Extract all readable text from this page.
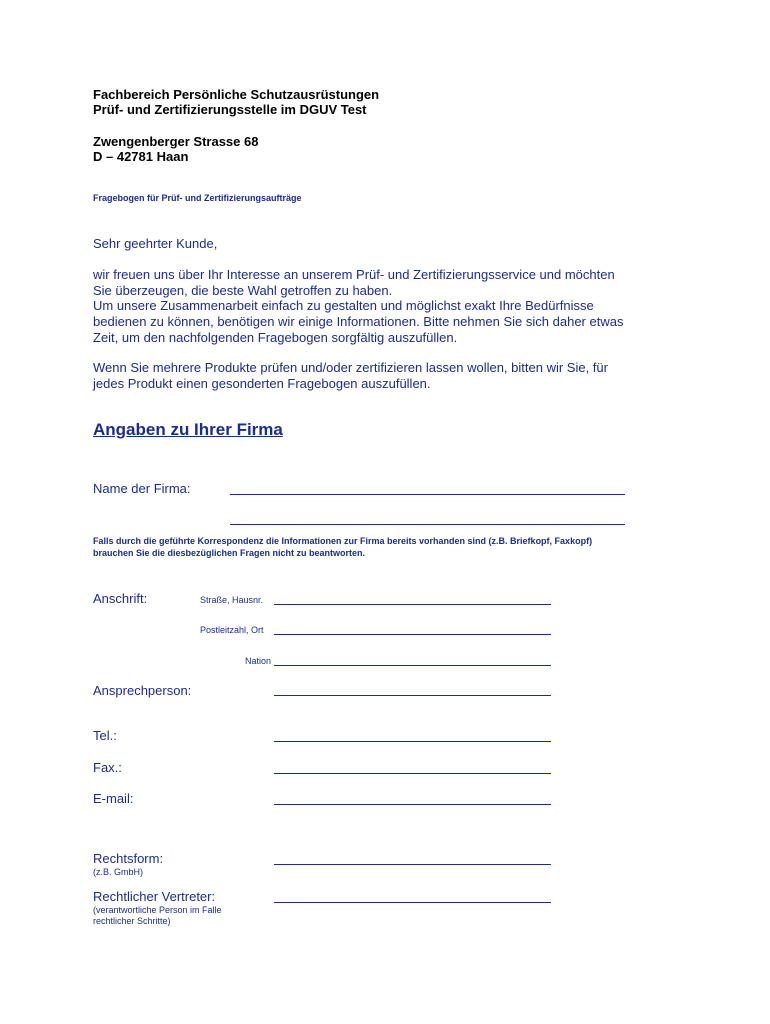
Fachbereich Persönliche Schutzausrüstungen
Prüf- und Zertifizierungsstelle im DGUV Test
Zwengenberger Strasse 68
D – 42781 Haan
Fragebogen für Prüf- und Zertifizierungsaufträge
Sehr geehrter Kunde,
wir freuen uns über Ihr Interesse an unserem Prüf- und Zertifizierungsservice und möchten
Sie überzeugen, die beste Wahl getroffen zu haben.
Um unsere Zusammenarbeit einfach zu gestalten und möglichst exakt Ihre Bedürfnisse
bedienen zu können, benötigen wir einige Informationen. Bitte nehmen Sie sich daher etwas
Zeit, um den nachfolgenden Fragebogen sorgfältig auszufüllen.
Wenn Sie mehrere Produkte prüfen und/oder zertifizieren lassen wollen, bitten wir Sie, für
jedes Produkt einen gesonderten Fragebogen auszufüllen.
Angaben zu Ihrer Firma
Name der Firma:
Falls durch die geführte Korrespondenz die Informationen zur Firma bereits vorhanden sind (z.B. Briefkopf, Faxkopf)
brauchen Sie die diesbezüglichen Fragen nicht zu beantworten.
Anschrift:	Straße, Hausnr.
Postleitzahl, Ort
Nation
Ansprechperson:
Tel.:
Fax.:
E-mail:
Rechtsform:
(z.B. GmbH)
Rechtlicher Vertreter:
(verantwortliche Person im Falle
rechtlicher Schritte)
